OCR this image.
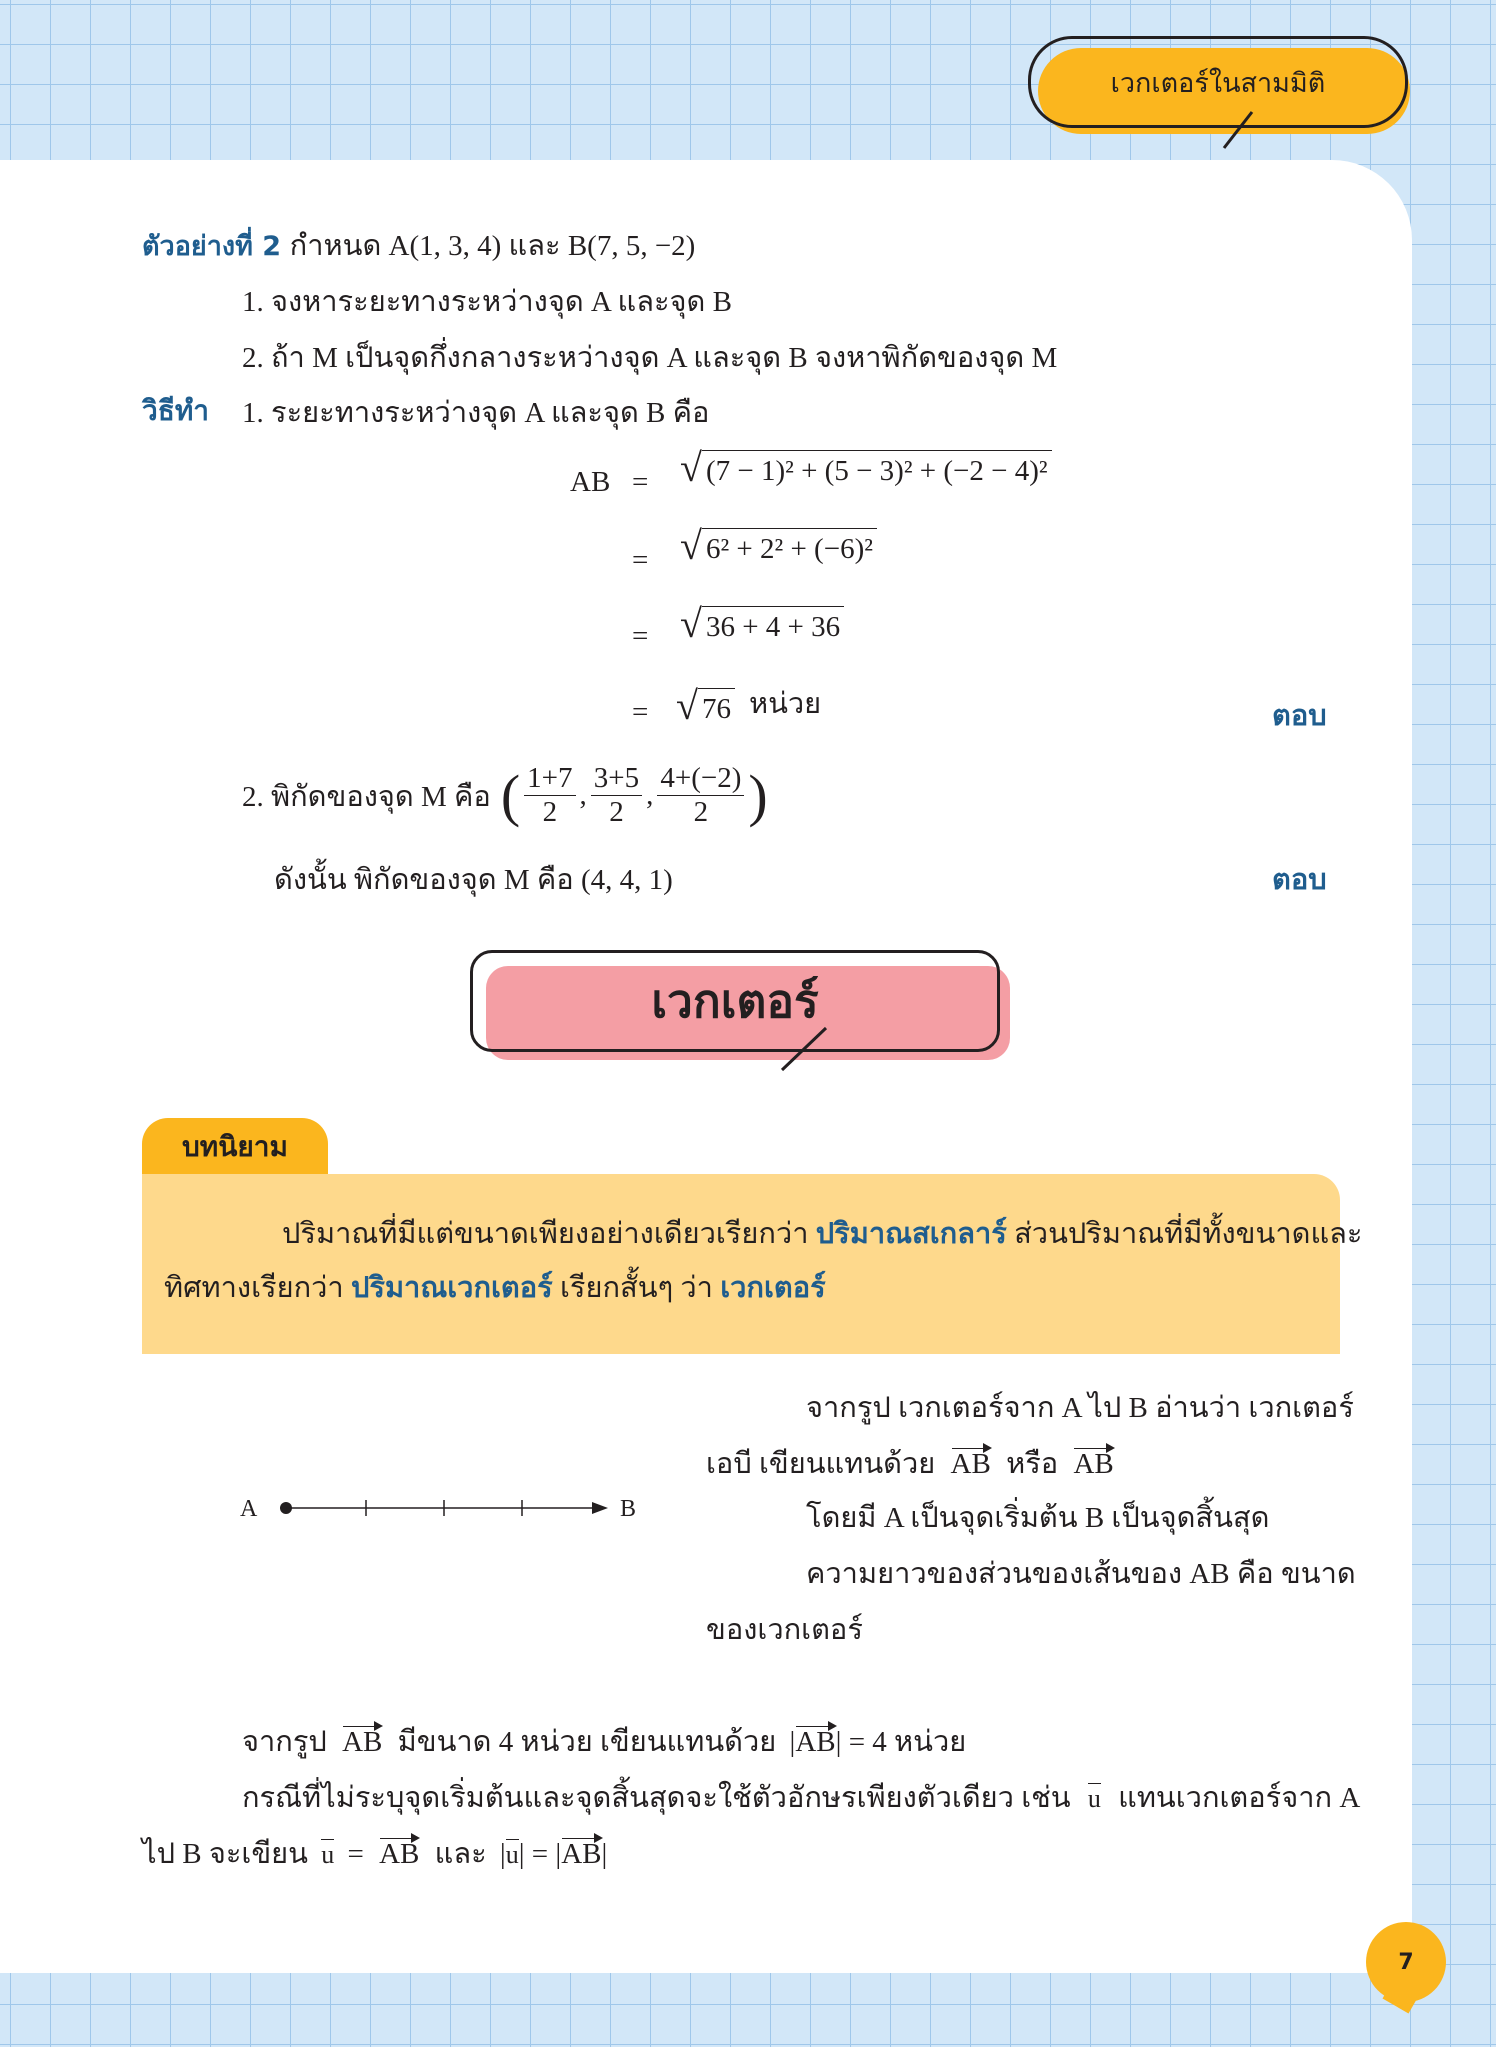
เวกเตอร์ในสามมิติ
ตัวอย่างที่ 2 กำหนด A(1, 3, 4) และ B(7, 5, −2)
1. จงหาระยะทางระหว่างจุด A และจุด B
2. ถ้า M เป็นจุดกึ่งกลางระหว่างจุด A และจุด B จงหาพิกัดของจุด M
วิธีทำ 1. ระยะทางระหว่างจุด A และจุด B คือ
AB = √ (7 − 1)² + (5 − 3)² + (−2 − 4)²
= √ 6² + 2² + (−6)²
= √ 36 + 4 + 36
= √ 76 หน่วย	ตอบ
2. พิกัดของจุด M คือ ( $\frac{1+7}{2}$ , $\frac{3+5}{2}$ , $\frac{4+(-2)}{2}$ )
ดังนั้น พิกัดของจุด M คือ (4, 4, 1)	ตอบ
เวกเตอร์
บทนิยาม
ปริมาณที่มีแต่ขนาดเพียงอย่างเดียวเรียกว่า ปริมาณสเกลาร์ ส่วนปริมาณที่มีทั้งขนาดและ
ทิศทางเรียกว่า ปริมาณเวกเตอร์ เรียกสั้นๆ ว่า เวกเตอร์
A	B
จากรูป เวกเตอร์จาก A ไป B อ่านว่า เวกเตอร์
เอบี เขียนแทนด้วย AB หรือ AB
โดยมี A เป็นจุดเริ่มต้น B เป็นจุดสิ้นสุด
ความยาวของส่วนของเส้นของ AB คือ ขนาด
ของเวกเตอร์
จากรูป AB มีขนาด 4 หน่วย เขียนแทนด้วย |AB| = 4 หน่วย
กรณีที่ไม่ระบุจุดเริ่มต้นและจุดสิ้นสุดจะใช้ตัวอักษรเพียงตัวเดียว เช่น u แทนเวกเตอร์จาก A
ไป B จะเขียน u = AB และ |u| = |AB|
7
